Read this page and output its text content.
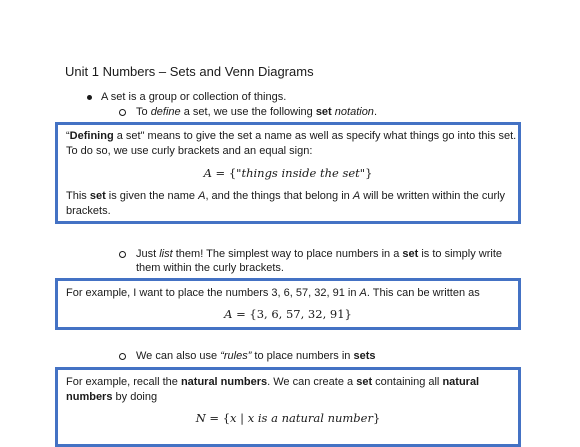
Unit 1 Numbers – Sets and Venn Diagrams
A set is a group or collection of things.
To define a set, we use the following set notation.
“Defining a set" means to give the set a name as well as specify what things go into this set.
To do so, we use curly brackets and an equal sign:
A = {"things inside the set"}
This set is given the name A, and the things that belong in A will be written within the curly
brackets.
Just list them! The simplest way to place numbers in a set is to simply write
them within the curly brackets.
For example, I want to place the numbers 3, 6, 57, 32, 91 in A. This can be written as
A = {3, 6, 57, 32, 91}
We can also use “rules” to place numbers in sets
For example, recall the natural numbers. We can create a set containing all natural
numbers by doing
N = {x | x is a natural number}
